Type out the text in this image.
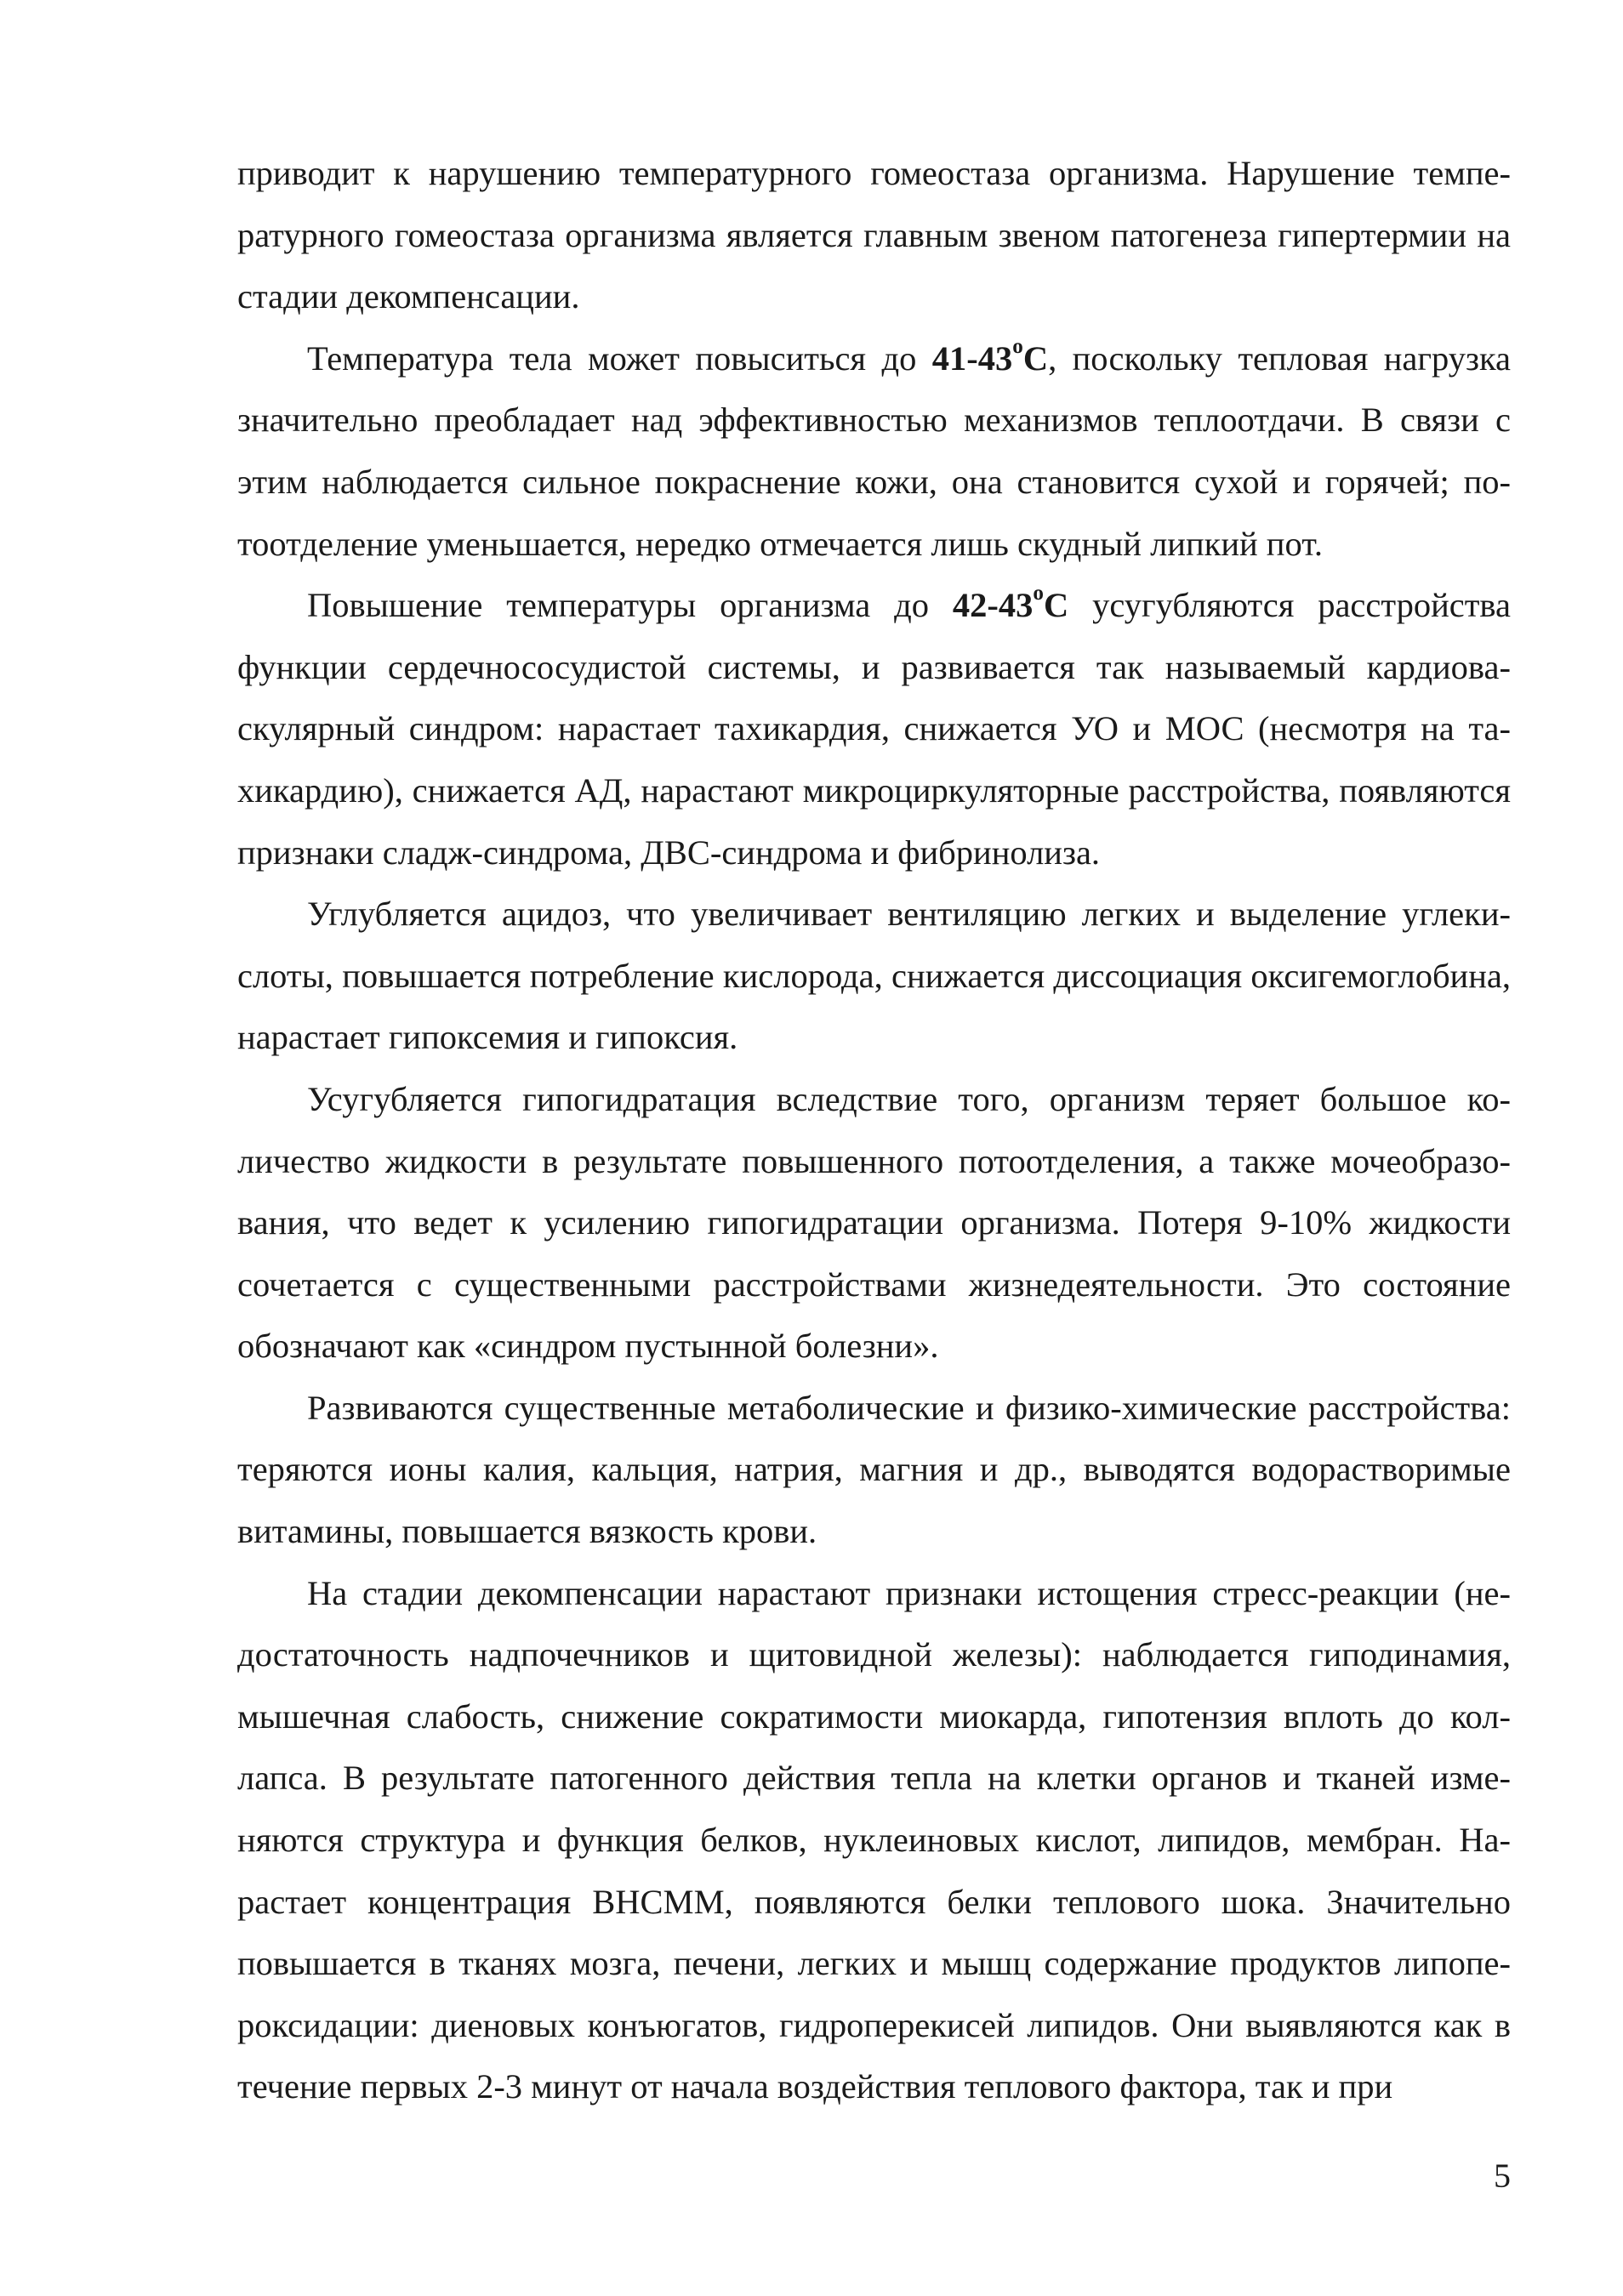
приводит к нарушению температурного гомеостаза организма. Нарушение температурного гомеостаза организма является главным звеном патогенеза гипертермии на стадии декомпенсации.

Температура тела может повыситься до 41-43$^o$С, поскольку тепловая нагрузка значительно преобладает над эффективностью механизмов теплоотдачи. В связи с этим наблюдается сильное покраснение кожи, она становится сухой и горячей; потоотделение уменьшается, нередко отмечается лишь скудный липкий пот.

Повышение температуры организма до 42-43$^o$С усугубляются расстройства функции сердечнососудистой системы, и развивается так называемый кардиоваскулярный синдром: нарастает тахикардия, снижается УО и МОС (несмотря на тахикардию), снижается АД, нарастают микроциркуляторные расстройства, появляются признаки сладж-синдрома, ДВС-синдрома и фибринолиза.

Углубляется ацидоз, что увеличивает вентиляцию легких и выделение углекислоты, повышается потребление кислорода, снижается диссоциация оксигемоглобина, нарастает гипоксемия и гипоксия.

Усугубляется гипогидратация вследствие того, организм теряет большое количество жидкости в результате повышенного потоотделения, а также мочеобразования, что ведет к усилению гипогидратации организма. Потеря 9-10% жидкости сочетается с существенными расстройствами жизнедеятельности. Это состояние обозначают как «синдром пустынной болезни».

Развиваются существенные метаболические и физико-химические расстройства: теряются ионы калия, кальция, натрия, магния и др., выводятся водорастворимые витамины, повышается вязкость крови.

На стадии декомпенсации нарастают признаки истощения стресс-реакции (недостаточность надпочечников и щитовидной железы): наблюдается гиподинамия, мышечная слабость, снижение сократимости миокарда, гипотензия вплоть до коллапса. В результате патогенного действия тепла на клетки органов и тканей изменяются структура и функция белков, нуклеиновых кислот, липидов, мембран. Нарастает концентрация ВНСММ, появляются белки теплового шока. Значительно повышается в тканях мозга, печени, легких и мышц содержание продуктов липопероксидации: диеновых конъюгатов, гидроперекисей липидов. Они выявляются как в течение первых 2-3 минут от начала воздействия теплового фактора, так и при

5
